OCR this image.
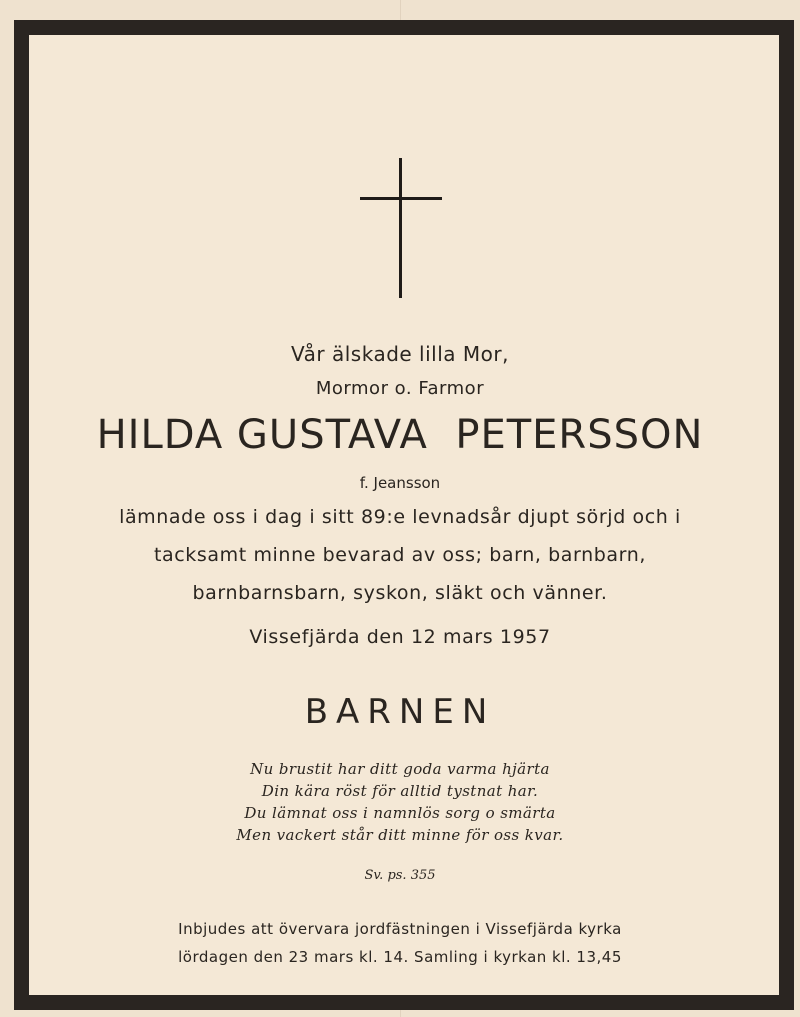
Vår älskade lilla Mor,
Mormor o. Farmor
HILDA GUSTAVA  PETERSSON
f. Jeansson
lämnade oss i dag i sitt 89:e levnadsår djupt sörjd och i
tacksamt minne bevarad av oss; barn, barnbarn,
barnbarnsbarn, syskon, släkt och vänner.
Vissefjärda den 12 mars 1957
BARNEN
Nu brustit har ditt goda varma hjärta
Din kära röst för alltid tystnat har.
Du lämnat oss i namnlös sorg o smärta
Men vackert står ditt minne för oss kvar.
Sv. ps. 355
Inbjudes att övervara jordfästningen i Vissefjärda kyrka
lördagen den 23 mars kl. 14. Samling i kyrkan kl. 13,45
